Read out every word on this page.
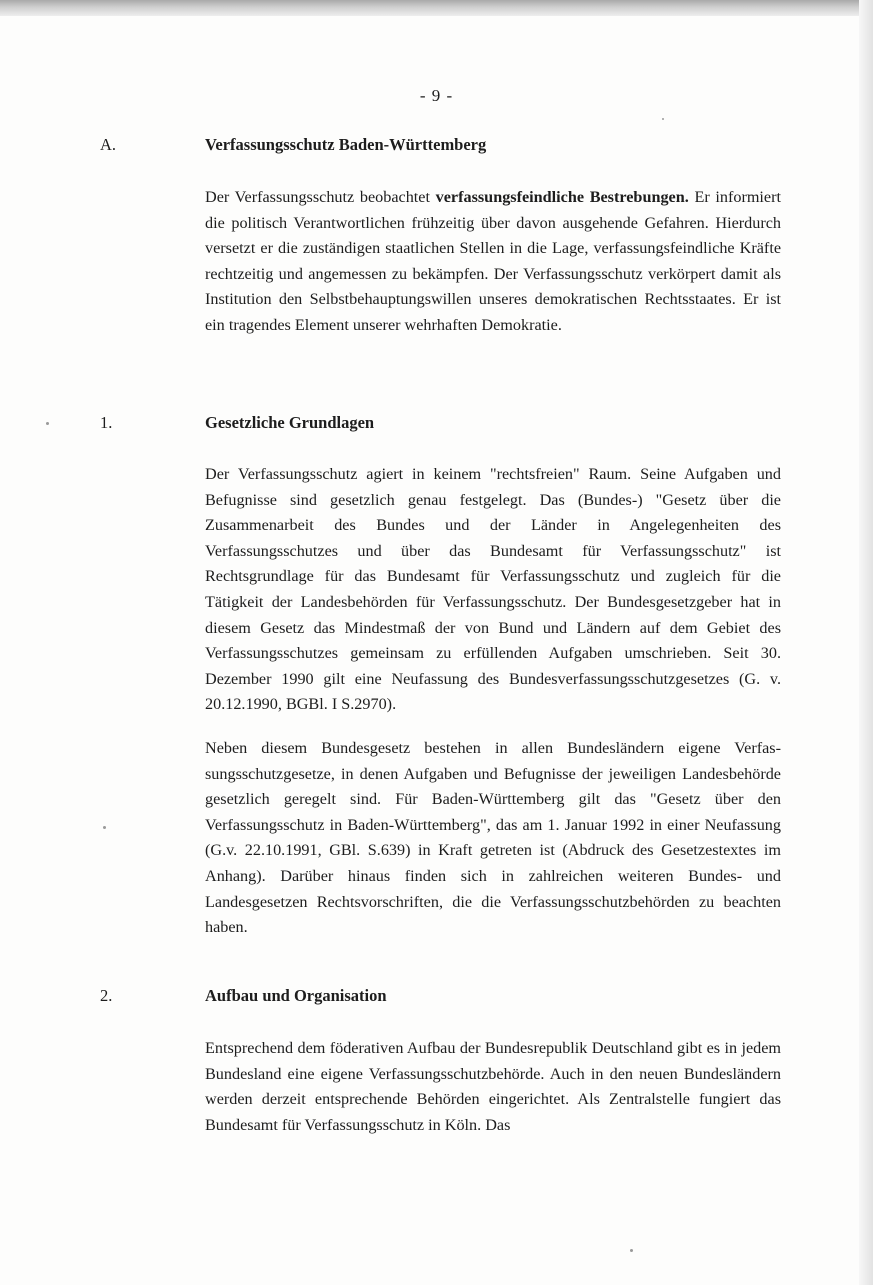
- 9 -
A.	Verfassungsschutz Baden-Württemberg

Der Verfassungsschutz beobachtet verfassungsfeindliche Bestrebungen. Er informiert die politisch Verantwortlichen frühzeitig über davon ausgehende Gefahren. Hierdurch versetzt er die zuständigen staatlichen Stellen in die Lage, verfassungsfeindliche Kräfte rechtzeitig und angemessen zu bekämpfen. Der Verfassungsschutz verkörpert damit als Institution den Selbstbehauptungswillen unseres demokratischen Rechtsstaates. Er ist ein tragendes Element unserer wehrhaften Demokratie.

1.	Gesetzliche Grundlagen

Der Verfassungsschutz agiert in keinem "rechtsfreien" Raum. Seine Aufgaben und Befugnisse sind gesetzlich genau festgelegt. Das (Bundes-) "Gesetz über die Zusammenarbeit des Bundes und der Länder in Angelegenheiten des Verfassungsschutzes und über das Bundesamt für Verfassungsschutz" ist Rechtsgrundlage für das Bundesamt für Verfassungsschutz und zugleich für die Tätigkeit der Landesbehörden für Verfassungsschutz. Der Bundesgesetzgeber hat in diesem Gesetz das Mindestmaß der von Bund und Ländern auf dem Gebiet des Verfassungsschutzes gemeinsam zu erfüllenden Aufgaben umschrieben. Seit 30. Dezember 1990 gilt eine Neufassung des Bundesverfassungsschutzgesetzes (G. v. 20.12.1990, BGBl. I S.2970).

Neben diesem Bundesgesetz bestehen in allen Bundesländern eigene Verfassungsschutzgesetze, in denen Aufgaben und Befugnisse der jeweiligen Landesbehörde gesetzlich geregelt sind. Für Baden-Württemberg gilt das "Gesetz über den Verfassungsschutz in Baden-Württemberg", das am 1. Januar 1992 in einer Neufassung (G.v. 22.10.1991, GBl. S.639) in Kraft getreten ist (Abdruck des Gesetzestextes im Anhang). Darüber hinaus finden sich in zahlreichen weiteren Bundes- und Landesgesetzen Rechtsvorschriften, die die Verfassungsschutzbehörden zu beachten haben.

2.	Aufbau und Organisation

Entsprechend dem föderativen Aufbau der Bundesrepublik Deutschland gibt es in jedem Bundesland eine eigene Verfassungsschutzbehörde. Auch in den neuen Bundesländern werden derzeit entsprechende Behörden eingerichtet. Als Zentralstelle fungiert das Bundesamt für Verfassungsschutz in Köln. Das
